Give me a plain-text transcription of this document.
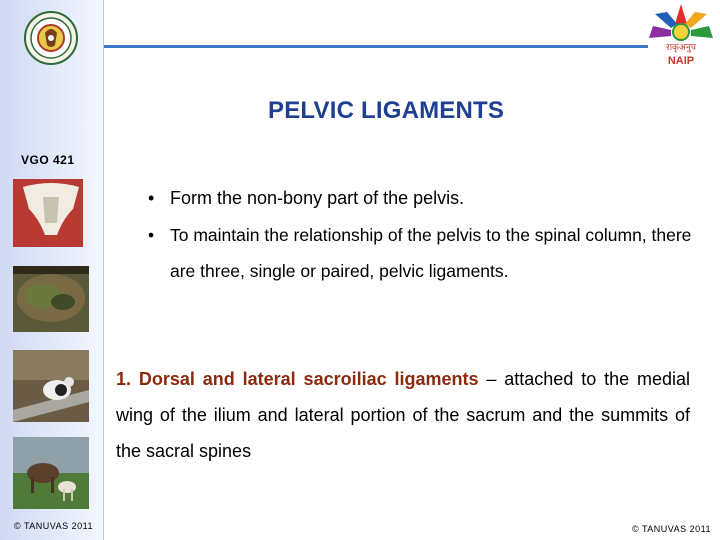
VGO 421
© TANUVAS 2011
राकृअनुप
NAIP
PELVIC LIGAMENTS
• Form the non-bony part of the pelvis.
• To maintain the relationship of the pelvis to the spinal column, there are three, single or paired, pelvic ligaments.
1. Dorsal and lateral sacroiliac ligaments – attached to the medial wing of the ilium and lateral portion of the sacrum and the summits of the sacral spines
© TANUVAS 2011
